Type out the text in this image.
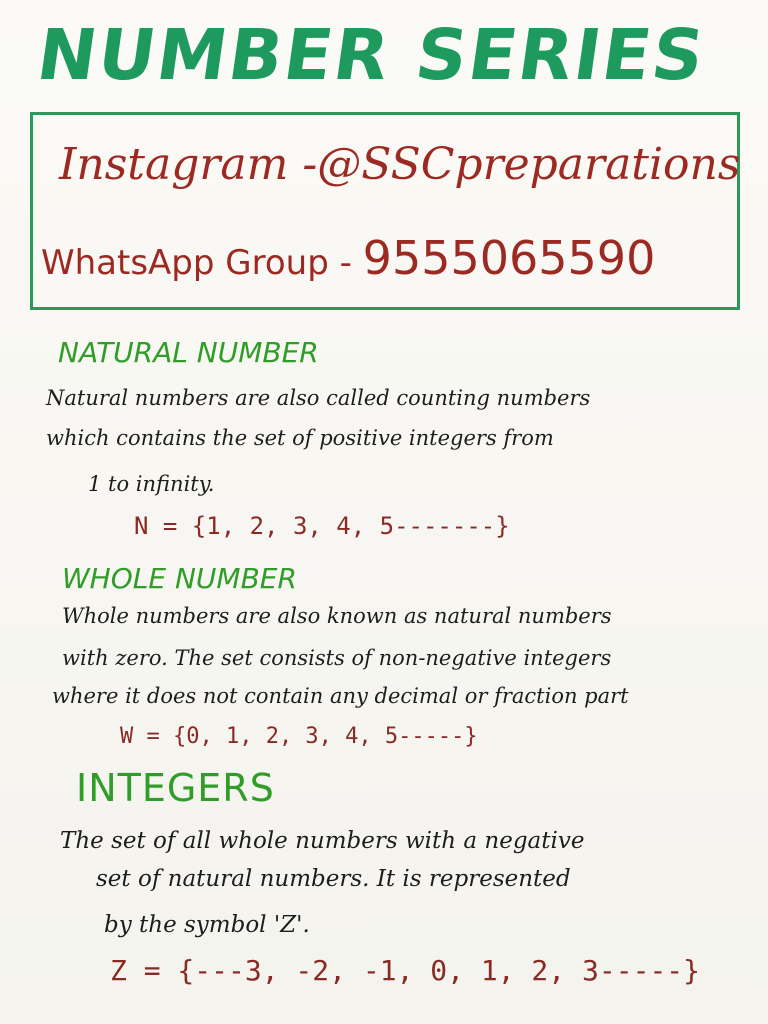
NUMBER SERIES
Instagram -@SSCpreparations
WhatsApp Group - 9555065590
NATURAL NUMBER
Natural numbers are also called counting numbers
which contains the set of positive integers from
1 to infinity.
N = {1, 2, 3, 4, 5-------}
WHOLE NUMBER
Whole numbers are also known as natural numbers
with zero. The set consists of non-negative integers
where it does not contain any decimal or fraction part
W = {0, 1, 2, 3, 4, 5-----}
INTEGERS
The set of all whole numbers with a negative
set of natural numbers. It is represented
by the symbol 'Z'.
Z = {---3, -2, -1, 0, 1, 2, 3-----}
